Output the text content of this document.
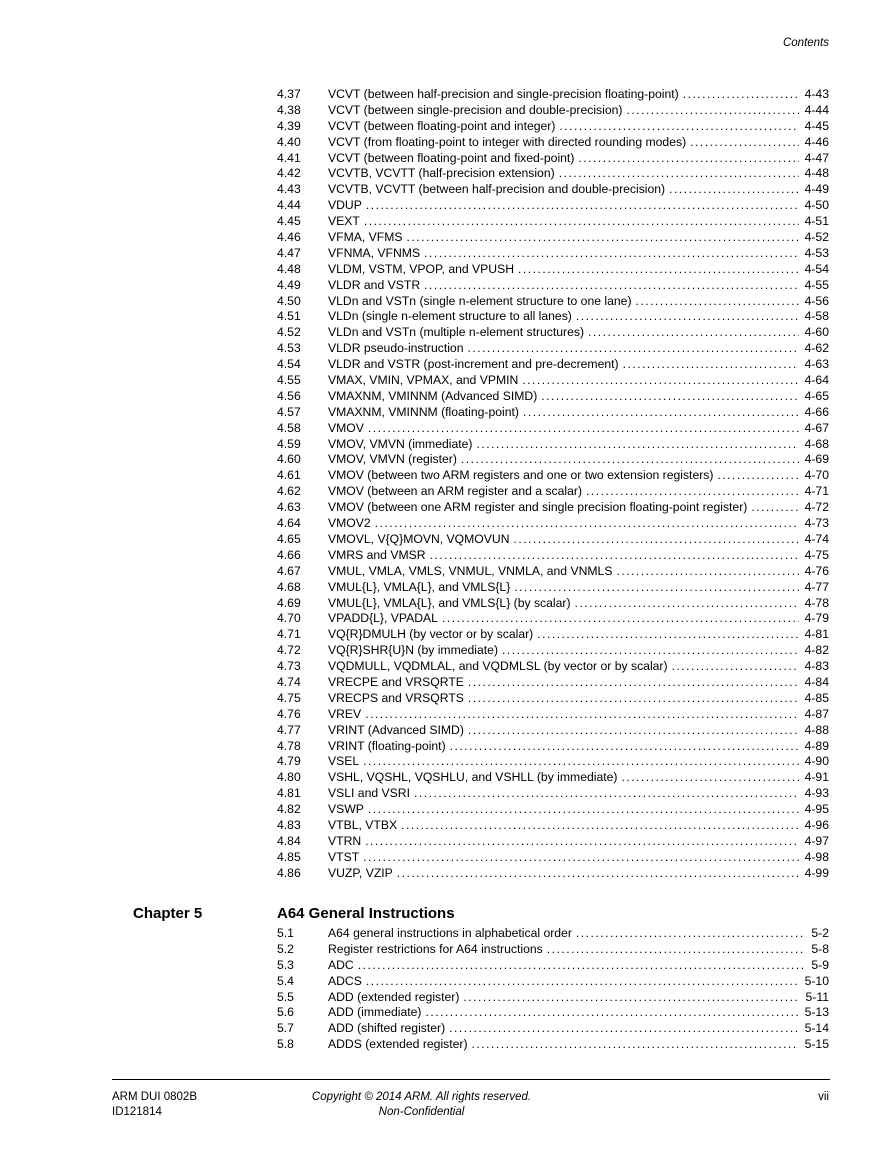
Contents
4.37	VCVT (between half-precision and single-precision floating-point) . . .	4-43
4.38	VCVT (between single-precision and double-precision) . . .	4-44
4.39	VCVT (between floating-point and integer) . . .	4-45
4.40	VCVT (from floating-point to integer with directed rounding modes) . . .	4-46
4.41	VCVT (between floating-point and fixed-point) . . .	4-47
4.42	VCVTB, VCVTT (half-precision extension) . . .	4-48
4.43	VCVTB, VCVTT (between half-precision and double-precision) . . .	4-49
4.44	VDUP . . .	4-50
4.45	VEXT . . .	4-51
4.46	VFMA, VFMS . . .	4-52
4.47	VFNMA, VFNMS . . .	4-53
4.48	VLDM, VSTM, VPOP, and VPUSH . . .	4-54
4.49	VLDR and VSTR . . .	4-55
4.50	VLDn and VSTn (single n-element structure to one lane) . . .	4-56
4.51	VLDn (single n-element structure to all lanes) . . .	4-58
4.52	VLDn and VSTn (multiple n-element structures) . . .	4-60
4.53	VLDR pseudo-instruction . . .	4-62
4.54	VLDR and VSTR (post-increment and pre-decrement) . . .	4-63
4.55	VMAX, VMIN, VPMAX, and VPMIN . . .	4-64
4.56	VMAXNM, VMINNM (Advanced SIMD) . . .	4-65
4.57	VMAXNM, VMINNM (floating-point) . . .	4-66
4.58	VMOV . . .	4-67
4.59	VMOV, VMVN (immediate) . . .	4-68
4.60	VMOV, VMVN (register) . . .	4-69
4.61	VMOV (between two ARM registers and one or two extension registers) . . .	4-70
4.62	VMOV (between an ARM register and a scalar) . . .	4-71
4.63	VMOV (between one ARM register and single precision floating-point register) . . .	4-72
4.64	VMOV2 . . .	4-73
4.65	VMOVL, V{Q}MOVN, VQMOVUN . . .	4-74
4.66	VMRS and VMSR . . .	4-75
4.67	VMUL, VMLA, VMLS, VNMUL, VNMLA, and VNMLS . . .	4-76
4.68	VMUL{L}, VMLA{L}, and VMLS{L} . . .	4-77
4.69	VMUL{L}, VMLA{L}, and VMLS{L} (by scalar) . . .	4-78
4.70	VPADD{L}, VPADAL . . .	4-79
4.71	VQ{R}DMULH (by vector or by scalar) . . .	4-81
4.72	VQ{R}SHR{U}N (by immediate) . . .	4-82
4.73	VQDMULL, VQDMLAL, and VQDMLSL (by vector or by scalar) . . .	4-83
4.74	VRECPE and VRSQRTE . . .	4-84
4.75	VRECPS and VRSQRTS . . .	4-85
4.76	VREV . . .	4-87
4.77	VRINT (Advanced SIMD) . . .	4-88
4.78	VRINT (floating-point) . . .	4-89
4.79	VSEL . . .	4-90
4.80	VSHL, VQSHL, VQSHLU, and VSHLL (by immediate) . . .	4-91
4.81	VSLI and VSRI . . .	4-93
4.82	VSWP . . .	4-95
4.83	VTBL, VTBX . . .	4-96
4.84	VTRN . . .	4-97
4.85	VTST . . .	4-98
4.86	VUZP, VZIP . . .	4-99
Chapter 5	A64 General Instructions
5.1	A64 general instructions in alphabetical order . . .	5-2
5.2	Register restrictions for A64 instructions . . .	5-8
5.3	ADC . . .	5-9
5.4	ADCS . . .	5-10
5.5	ADD (extended register) . . .	5-11
5.6	ADD (immediate) . . .	5-13
5.7	ADD (shifted register) . . .	5-14
5.8	ADDS (extended register) . . .	5-15
ARM DUI 0802B
ID121814
Copyright © 2014 ARM. All rights reserved.
Non-Confidential
vii
